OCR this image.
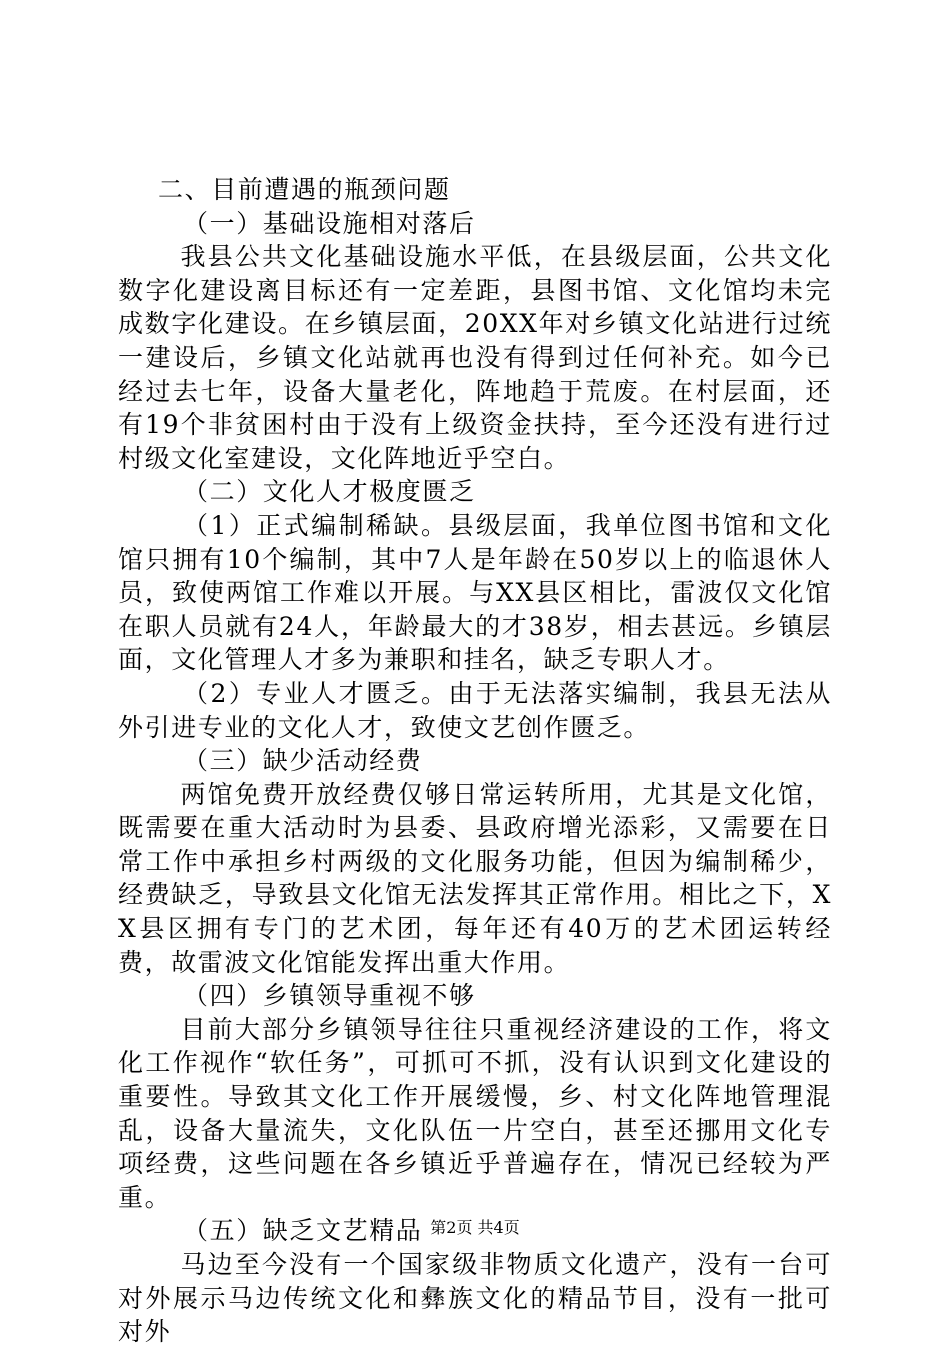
二、目前遭遇的瓶颈问题

（一）基础设施相对落后

我县公共文化基础设施水平低，在县级层面，公共文化数字化建设离目标还有一定差距，县图书馆、文化馆均未完成数字化建设。在乡镇层面，20XX年对乡镇文化站进行过统一建设后，乡镇文化站就再也没有得到过任何补充。如今已经过去七年，设备大量老化，阵地趋于荒废。在村层面，还有19个非贫困村由于没有上级资金扶持，至今还没有进行过村级文化室建设，文化阵地近乎空白。

（二）文化人才极度匮乏

（1）正式编制稀缺。县级层面，我单位图书馆和文化馆只拥有10个编制，其中7人是年龄在50岁以上的临退休人员，致使两馆工作难以开展。与XX县区相比，雷波仅文化馆在职人员就有24人，年龄最大的才38岁，相去甚远。乡镇层面，文化管理人才多为兼职和挂名，缺乏专职人才。

（2）专业人才匮乏。由于无法落实编制，我县无法从外引进专业的文化人才，致使文艺创作匮乏。

（三）缺少活动经费

两馆免费开放经费仅够日常运转所用，尤其是文化馆，既需要在重大活动时为县委、县政府增光添彩，又需要在日常工作中承担乡村两级的文化服务功能，但因为编制稀少，经费缺乏，导致县文化馆无法发挥其正常作用。相比之下，XX县区拥有专门的艺术团，每年还有40万的艺术团运转经费，故雷波文化馆能发挥出重大作用。

（四）乡镇领导重视不够

目前大部分乡镇领导往往只重视经济建设的工作，将文化工作视作“软任务”，可抓可不抓，没有认识到文化建设的重要性。导致其文化工作开展缓慢，乡、村文化阵地管理混乱，设备大量流失，文化队伍一片空白，甚至还挪用文化专项经费，这些问题在各乡镇近乎普遍存在，情况已经较为严重。

（五）缺乏文艺精品

马边至今没有一个国家级非物质文化遗产，没有一台可对外展示马边传统文化和彝族文化的精品节目，没有一批可对外

第2页 共4页
